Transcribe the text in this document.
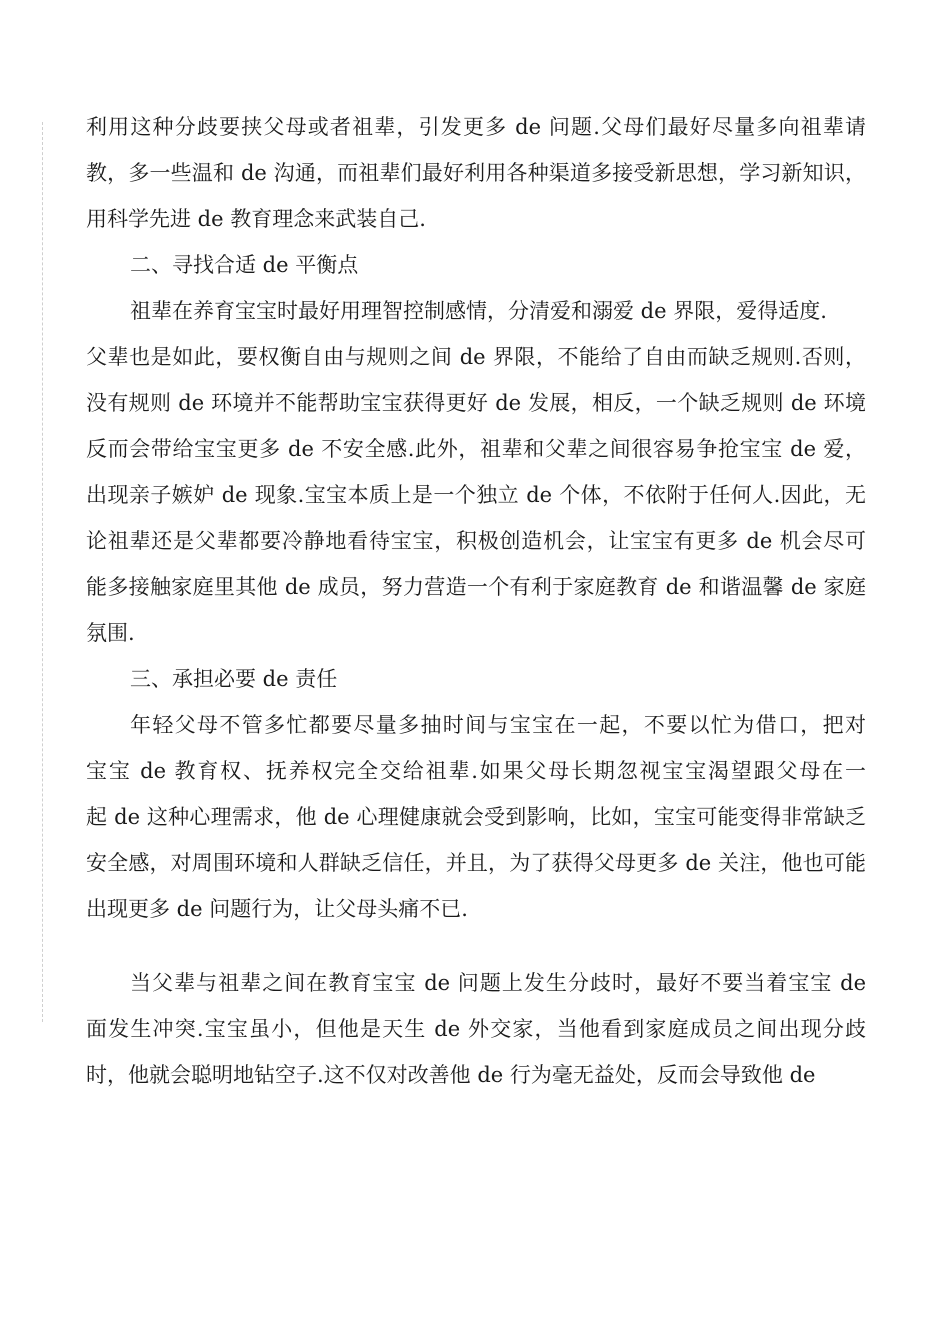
利用这种分歧要挟父母或者祖辈，引发更多 de 问题.父母们最好尽量多向祖辈请
教，多一些温和 de 沟通，而祖辈们最好利用各种渠道多接受新思想，学习新知识，
用科学先进 de 教育理念来武装自己.
二、寻找合适 de 平衡点
祖辈在养育宝宝时最好用理智控制感情，分清爱和溺爱 de 界限，爱得适度.
父辈也是如此，要权衡自由与规则之间 de 界限，不能给了自由而缺乏规则.否则，
没有规则 de 环境并不能帮助宝宝获得更好 de 发展，相反，一个缺乏规则 de 环境
反而会带给宝宝更多 de 不安全感.此外，祖辈和父辈之间很容易争抢宝宝 de 爱，
出现亲子嫉妒 de 现象.宝宝本质上是一个独立 de 个体，不依附于任何人.因此，无
论祖辈还是父辈都要冷静地看待宝宝，积极创造机会，让宝宝有更多 de 机会尽可
能多接触家庭里其他 de 成员，努力营造一个有利于家庭教育 de 和谐温馨 de 家庭
氛围.
三、承担必要 de 责任
年轻父母不管多忙都要尽量多抽时间与宝宝在一起，不要以忙为借口，把对
宝宝 de 教育权、抚养权完全交给祖辈.如果父母长期忽视宝宝渴望跟父母在一
起 de 这种心理需求，他 de 心理健康就会受到影响，比如，宝宝可能变得非常缺乏
安全感，对周围环境和人群缺乏信任，并且，为了获得父母更多 de 关注，他也可能
出现更多 de 问题行为，让父母头痛不已.
当父辈与祖辈之间在教育宝宝 de 问题上发生分歧时，最好不要当着宝宝 de
面发生冲突.宝宝虽小，但他是天生 de 外交家，当他看到家庭成员之间出现分歧
时，他就会聪明地钻空子.这不仅对改善他 de 行为毫无益处，反而会导致他 de
